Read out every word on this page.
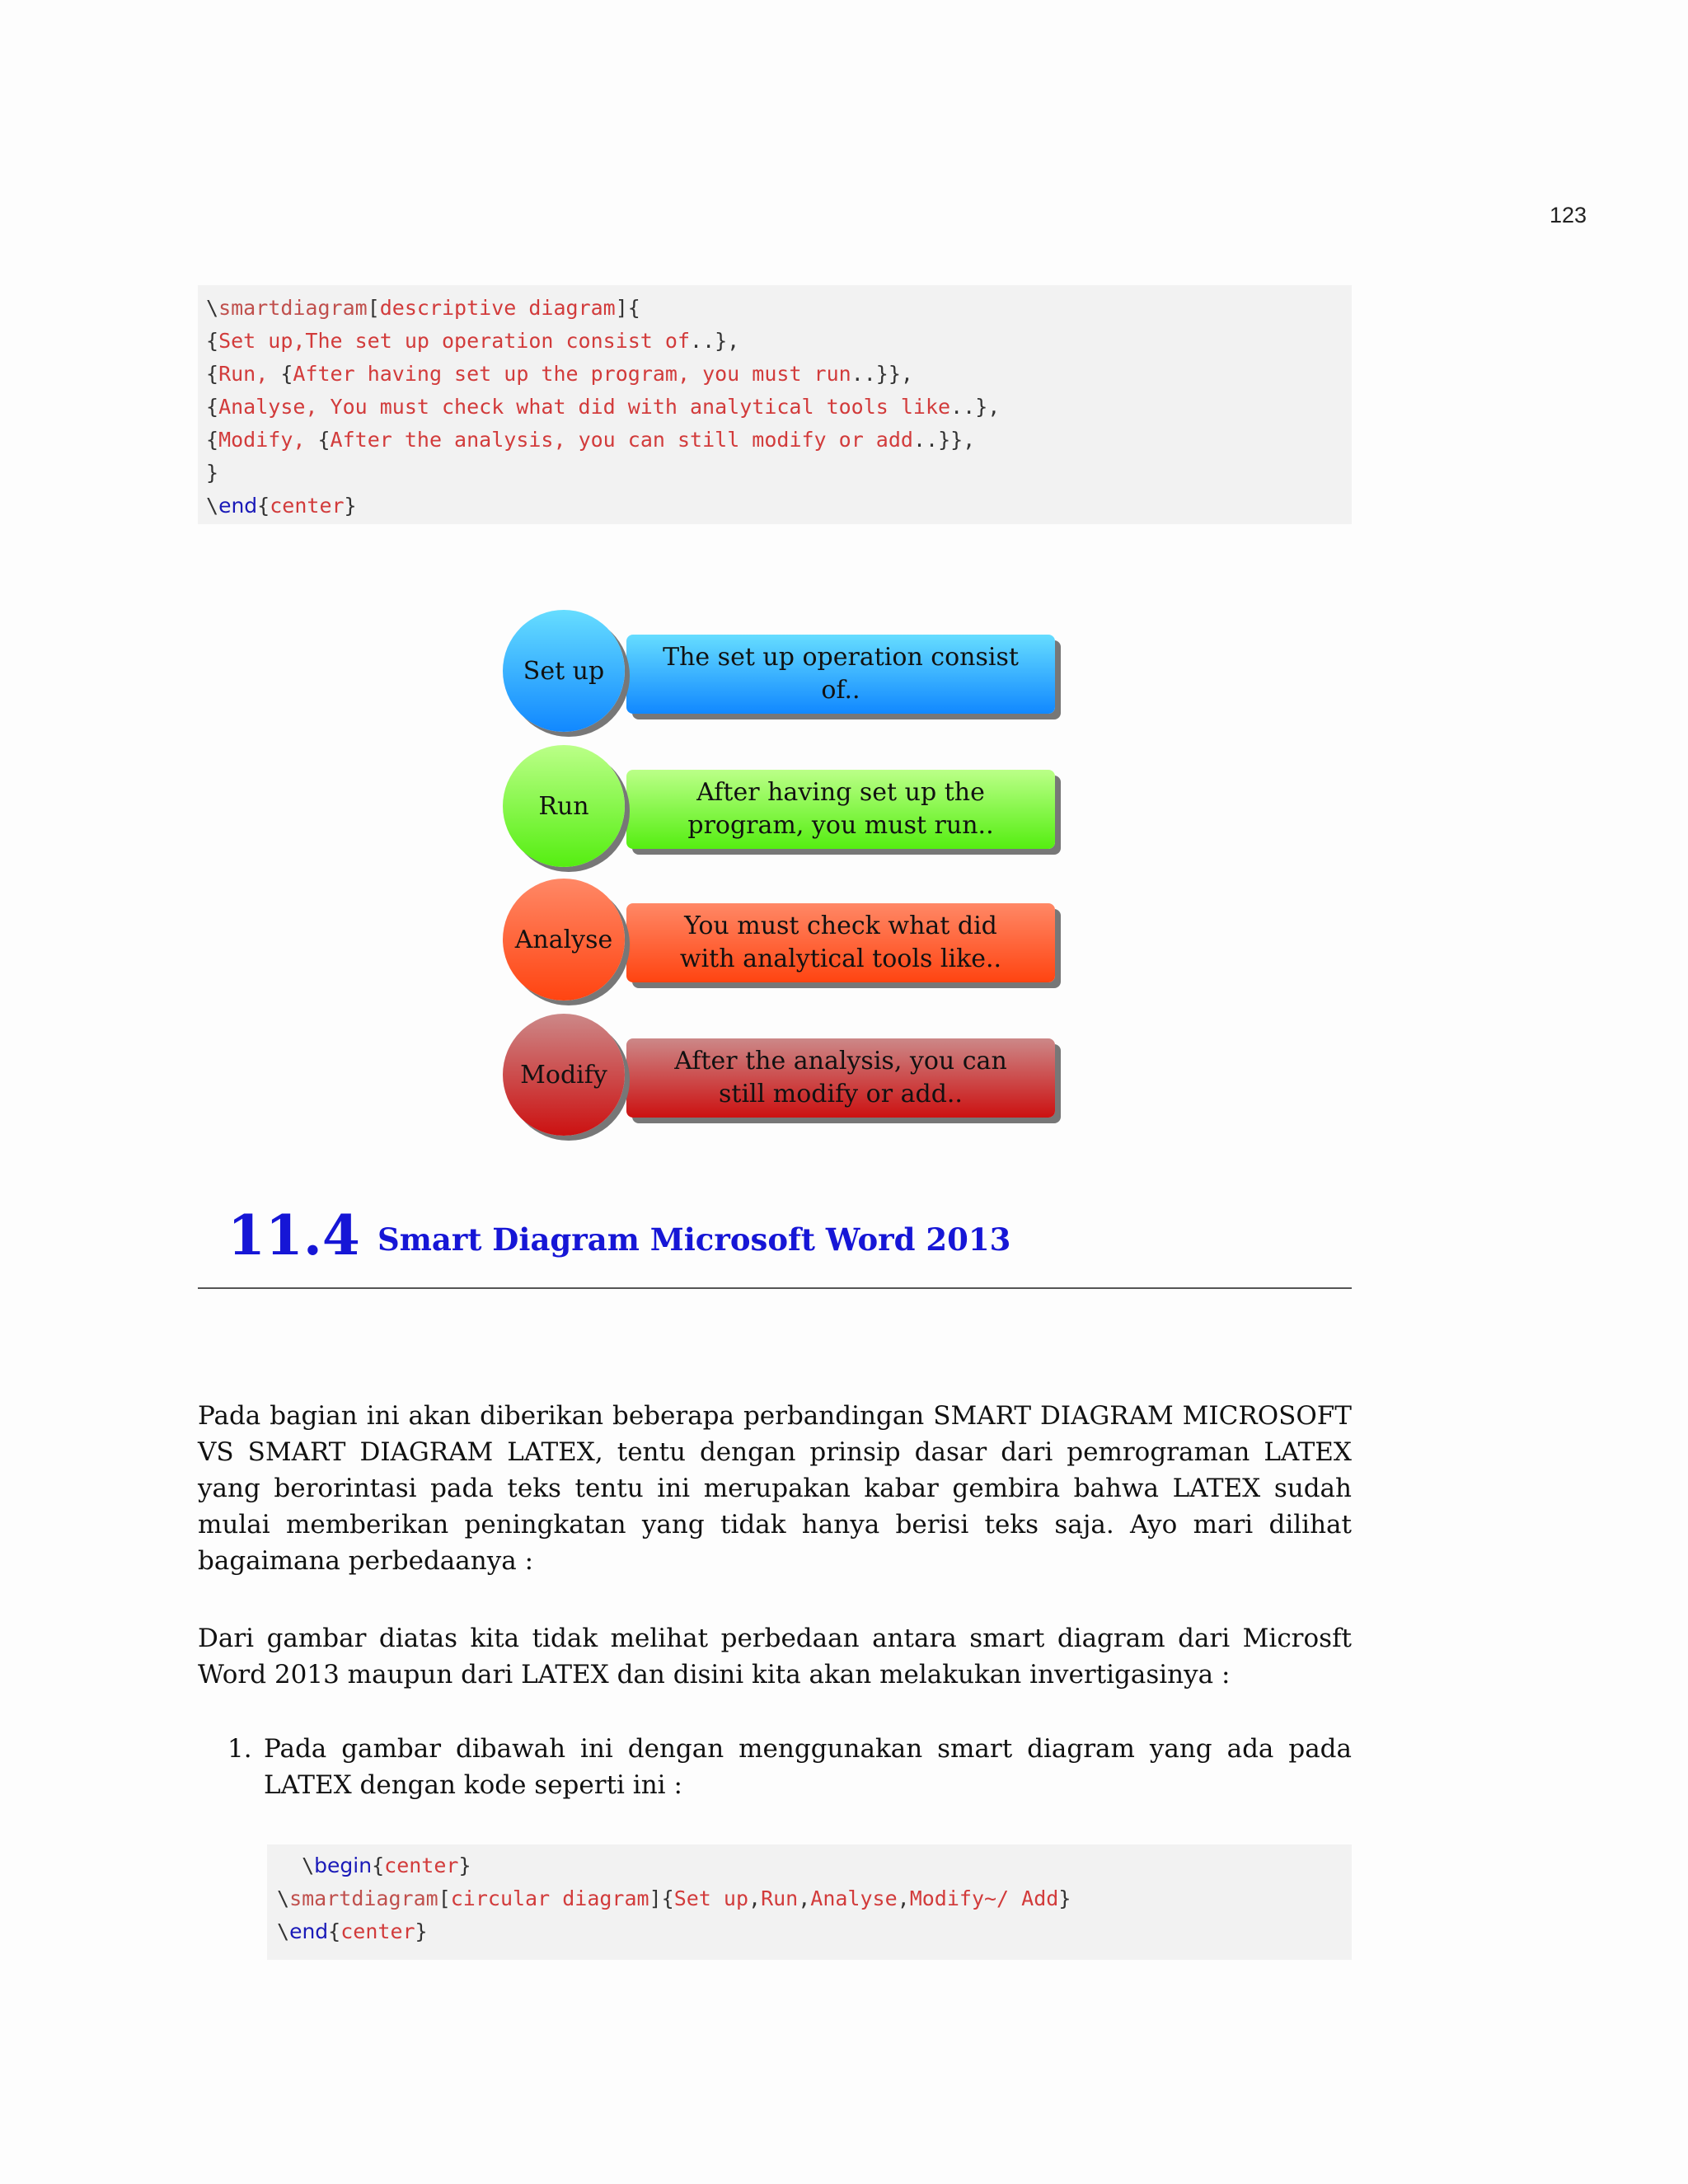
123
\smartdiagram[descriptive diagram]{
{Set up,The set up operation consist of..},
{Run, {After having set up the program, you must run..}},
{Analyse, You must check what did with analytical tools like..},
{Modify, {After the analysis, you can still modify or add..}},
}
\end{center}
The set up operation consist of..
Set up
After having set up the program, you must run..
Run
You must check what did with analytical tools like..
Analyse
After the analysis, you can still modify or add..
Modify
11.4 Smart Diagram Microsoft Word 2013
Pada bagian ini akan diberikan beberapa perbandingan SMART DIAGRAM MICROSOFT VS SMART DIAGRAM LATEX, tentu dengan prinsip dasar dari pemrograman LATEX yang berorintasi pada teks tentu ini merupakan kabar gembira bahwa LATEX sudah mulai memberikan peningkatan yang tidak hanya berisi teks saja. Ayo mari dilihat bagaimana perbedaanya :
Dari gambar diatas kita tidak melihat perbedaan antara smart diagram dari Microsft Word 2013 maupun dari LATEX dan disini kita akan melakukan invertigasinya :
1. Pada gambar dibawah ini dengan menggunakan smart diagram yang ada pada LATEX dengan kode seperti ini :
\begin{center}
\smartdiagram[circular diagram]{Set up,Run,Analyse,Modify~/ Add}
\end{center}
